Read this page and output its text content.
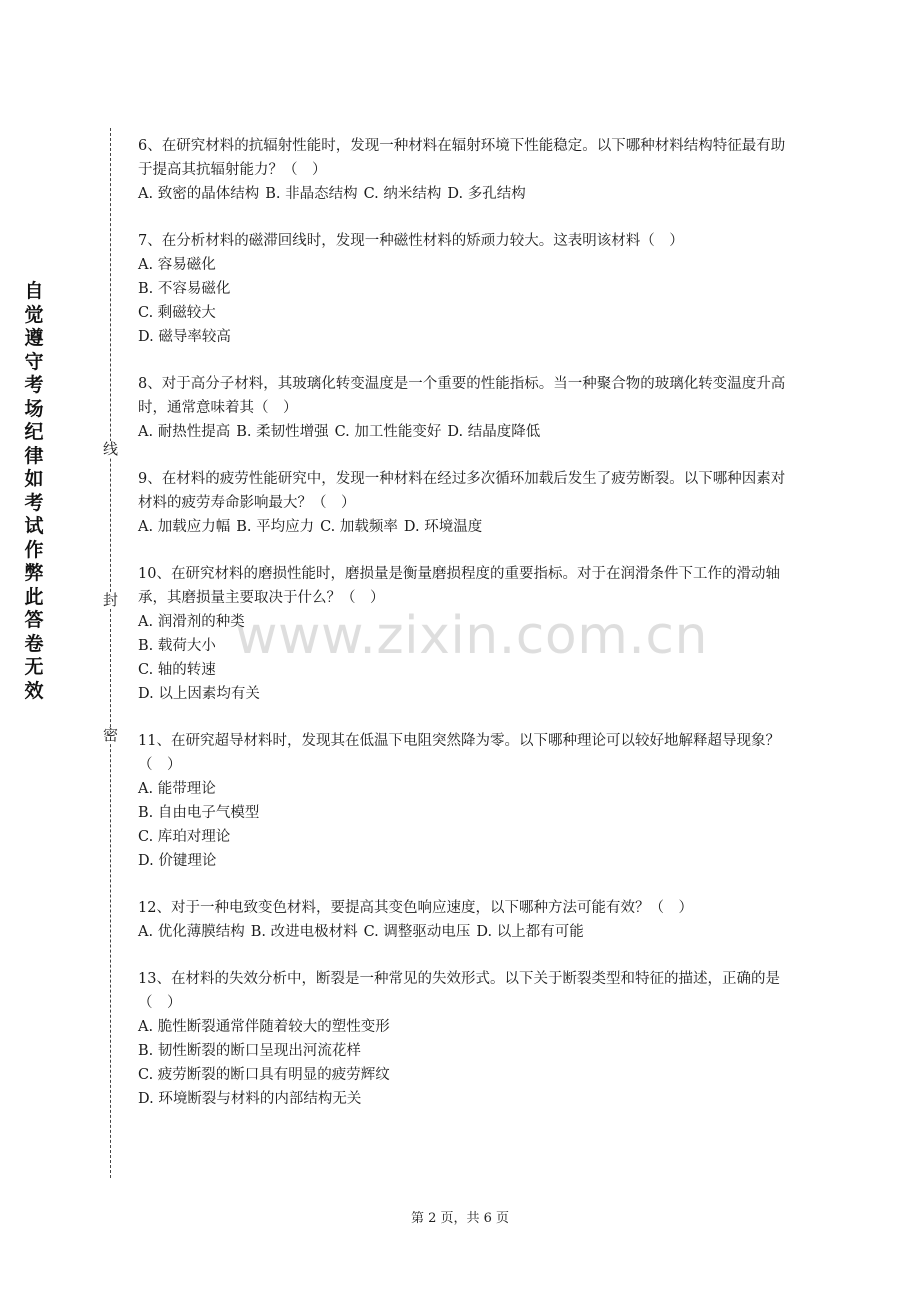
自觉遵守考场纪律如考试作弊此答卷无效
线
封
密

6、在研究材料的抗辐射性能时，发现一种材料在辐射环境下性能稳定。以下哪种材料结构特征最有助于提高其抗辐射能力？（　）

A. 致密的晶体结构 B. 非晶态结构 C. 纳米结构 D. 多孔结构

7、在分析材料的磁滞回线时，发现一种磁性材料的矫顽力较大。这表明该材料（　）

A. 容易磁化

B. 不容易磁化

C. 剩磁较大

D. 磁导率较高

8、对于高分子材料，其玻璃化转变温度是一个重要的性能指标。当一种聚合物的玻璃化转变温度升高时，通常意味着其（　）

A. 耐热性提高 B. 柔韧性增强 C. 加工性能变好 D. 结晶度降低

9、在材料的疲劳性能研究中，发现一种材料在经过多次循环加载后发生了疲劳断裂。以下哪种因素对材料的疲劳寿命影响最大？（　）

A. 加载应力幅 B. 平均应力 C. 加载频率 D. 环境温度

10、在研究材料的磨损性能时，磨损量是衡量磨损程度的重要指标。对于在润滑条件下工作的滑动轴承，其磨损量主要取决于什么？（　）

A. 润滑剂的种类

B. 载荷大小

C. 轴的转速

D. 以上因素均有关

11、在研究超导材料时，发现其在低温下电阻突然降为零。以下哪种理论可以较好地解释超导现象？（　）

A. 能带理论

B. 自由电子气模型

C. 库珀对理论

D. 价键理论

12、对于一种电致变色材料，要提高其变色响应速度，以下哪种方法可能有效？（　）

A. 优化薄膜结构 B. 改进电极材料 C. 调整驱动电压 D. 以上都有可能

13、在材料的失效分析中，断裂是一种常见的失效形式。以下关于断裂类型和特征的描述，正确的是（　）

A. 脆性断裂通常伴随着较大的塑性变形

B. 韧性断裂的断口呈现出河流花样

C. 疲劳断裂的断口具有明显的疲劳辉纹

D. 环境断裂与材料的内部结构无关

www.zixin.com.cn
第 2 页，共 6 页
